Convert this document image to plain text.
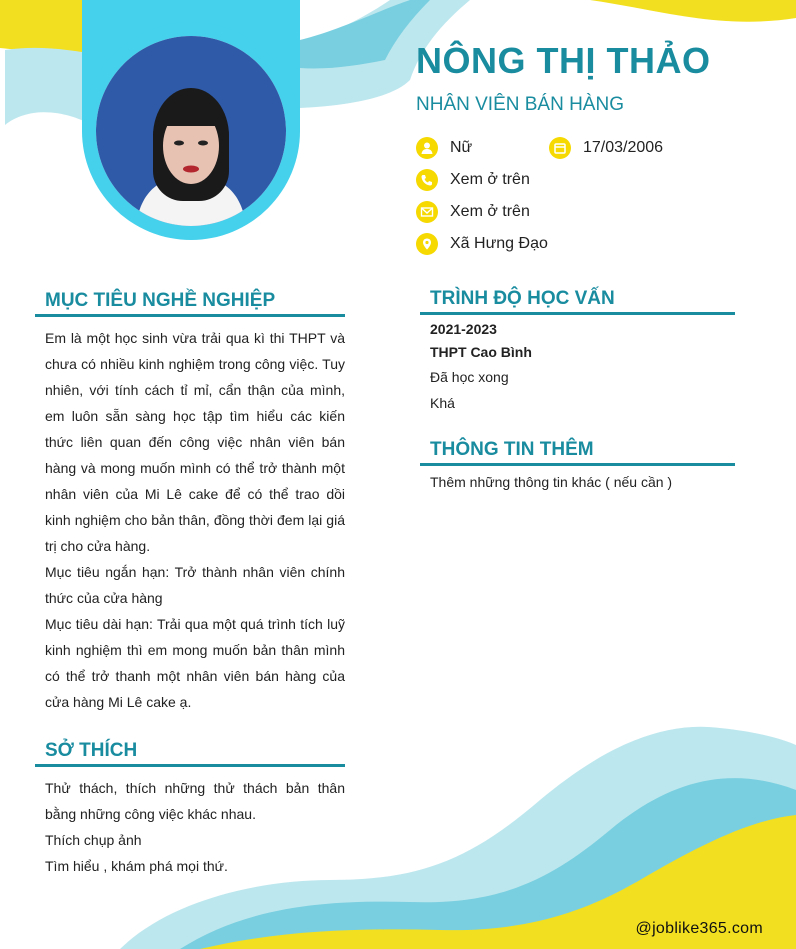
NÔNG THỊ THẢO
NHÂN VIÊN BÁN HÀNG
Nữ	17/03/2006
Xem ở trên
Xem ở trên
Xã Hưng Đạo
MỤC TIÊU NGHỀ NGHIỆP

Em là một học sinh vừa trải qua kì thi THPT và chưa có nhiều kinh nghiệm trong công việc. Tuy nhiên, với tính cách tỉ mỉ, cẩn thận của mình, em luôn sẵn sàng học tập tìm hiểu các kiến thức liên quan đến công việc nhân viên bán hàng và mong muốn mình có thể trở thành một nhân viên của Mi Lê cake để có thể trao dồi kinh nghiệm cho bản thân, đồng thời đem lại giá trị cho cửa hàng.

Mục tiêu ngắn hạn: Trở thành nhân viên chính thức của cửa hàng

Mục tiêu dài hạn: Trải qua một quá trình tích luỹ kinh nghiệm thì em mong muốn bản thân mình có thể trở thanh một nhân viên bán hàng của cửa hàng Mi Lê cake ạ.

SỞ THÍCH

Thử thách, thích những thử thách bản thân bằng những công việc khác nhau.

Thích chụp ảnh

Tìm hiểu , khám phá mọi thứ.

TRÌNH ĐỘ HỌC VẤN
2021-2023
THPT Cao Bình
Đã học xong
Khá
THÔNG TIN THÊM
Thêm những thông tin khác ( nếu cần )
@joblike365.com
